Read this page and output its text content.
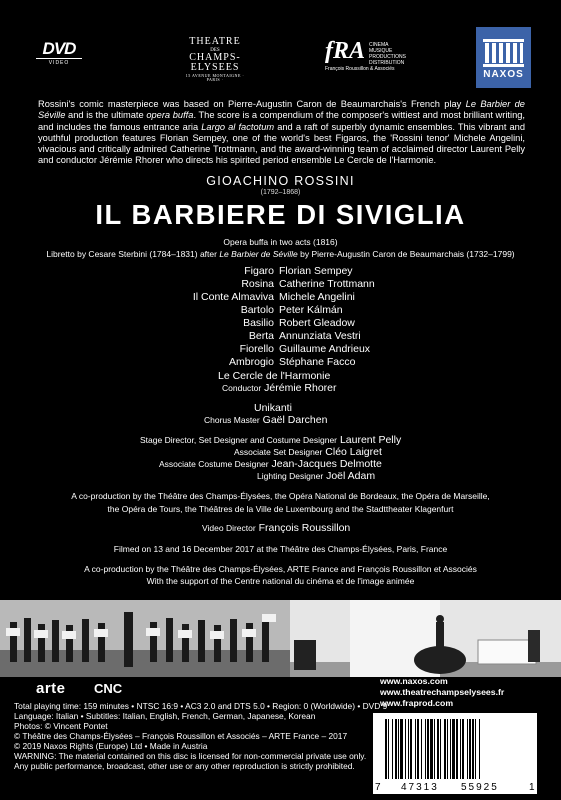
DVD
VIDEO
THEATRE
DES
CHAMPS-ELYSEES
15 AVENUE MONTAIGNE · PARIS ·
fRA CINEMA
MUSIQUE
PRODUCTIONS
DISTRIBUTION
François Roussillon & Associés	NAXOS
Rossini's comic masterpiece was based on Pierre-Augustin Caron de Beaumarchais's French play Le Barbier de Séville and is the ultimate opera buffa. The score is a compendium of the composer's wittiest and most brilliant writing, and includes the famous entrance aria Largo al factotum and a raft of superbly dynamic ensembles. This vibrant and youthful production features Florian Sempey, one of the world's best Figaros, the 'Rossini tenor' Michele Angelini, vivacious and critically admired Catherine Trottmann, and the award-winning team of acclaimed director Laurent Pelly and conductor Jérémie Rhorer who directs his spirited period ensemble Le Cercle de l'Harmonie.
GIOACHINO ROSSINI
(1792–1868)
IL BARBIERE DI SIVIGLIA
Opera buffa in two acts (1816)
Libretto by Cesare Sterbini (1784–1831) after Le Barbier de Séville by Pierre-Augustin Caron de Beaumarchais (1732–1799)
Figaro Florian Sempey
Rosina Catherine Trottmann
Il Conte Almaviva Michele Angelini
Bartolo Peter Kálmán
Basilio Robert Gleadow
Berta Annunziata Vestri
Fiorello Guillaume Andrieux
Ambrogio Stéphane Facco
Le Cercle de l'Harmonie
Conductor Jérémie Rhorer
Unikanti
Chorus Master Gaël Darchen
Stage Director, Set Designer and Costume Designer Laurent Pelly
Associate Set Designer Cléo Laigret
Associate Costume Designer Jean-Jacques Delmotte
Lighting Designer Joël Adam
A co-production by the Théâtre des Champs-Élysées, the Opéra National de Bordeaux, the Opéra de Marseille,
the Opéra de Tours, the Théâtres de la Ville de Luxembourg and the Stadttheater Klagenfurt
Video Director François Roussillon
Filmed on 13 and 16 December 2017 at the Théâtre des Champs-Élysées, Paris, France
A co-production by the Théâtre des Champs-Élysées, ARTE France and François Roussillon et Associés
With the support of the Centre national du cinéma et de l'image animée
arte CNC	www.naxos.com
www.theatrechampselysees.fr
www.fraprod.com
Total playing time: 159 minutes • NTSC 16:9 • AC3 2.0 and DTS 5.0 • Region: 0 (Worldwide) • DVD 9
Language: Italian • Subtitles: Italian, English, French, German, Japanese, Korean
Photos: © Vincent Pontet
© Théâtre des Champs-Élysées – François Roussillon et Associés – ARTE France – 2017
© 2019 Naxos Rights (Europe) Ltd • Made in Austria
WARNING: The material contained on this disc is licensed for non-commercial private use only.
Any public performance, broadcast, other use or any other reproduction is strictly prohibited.
7 47313 55925	1
